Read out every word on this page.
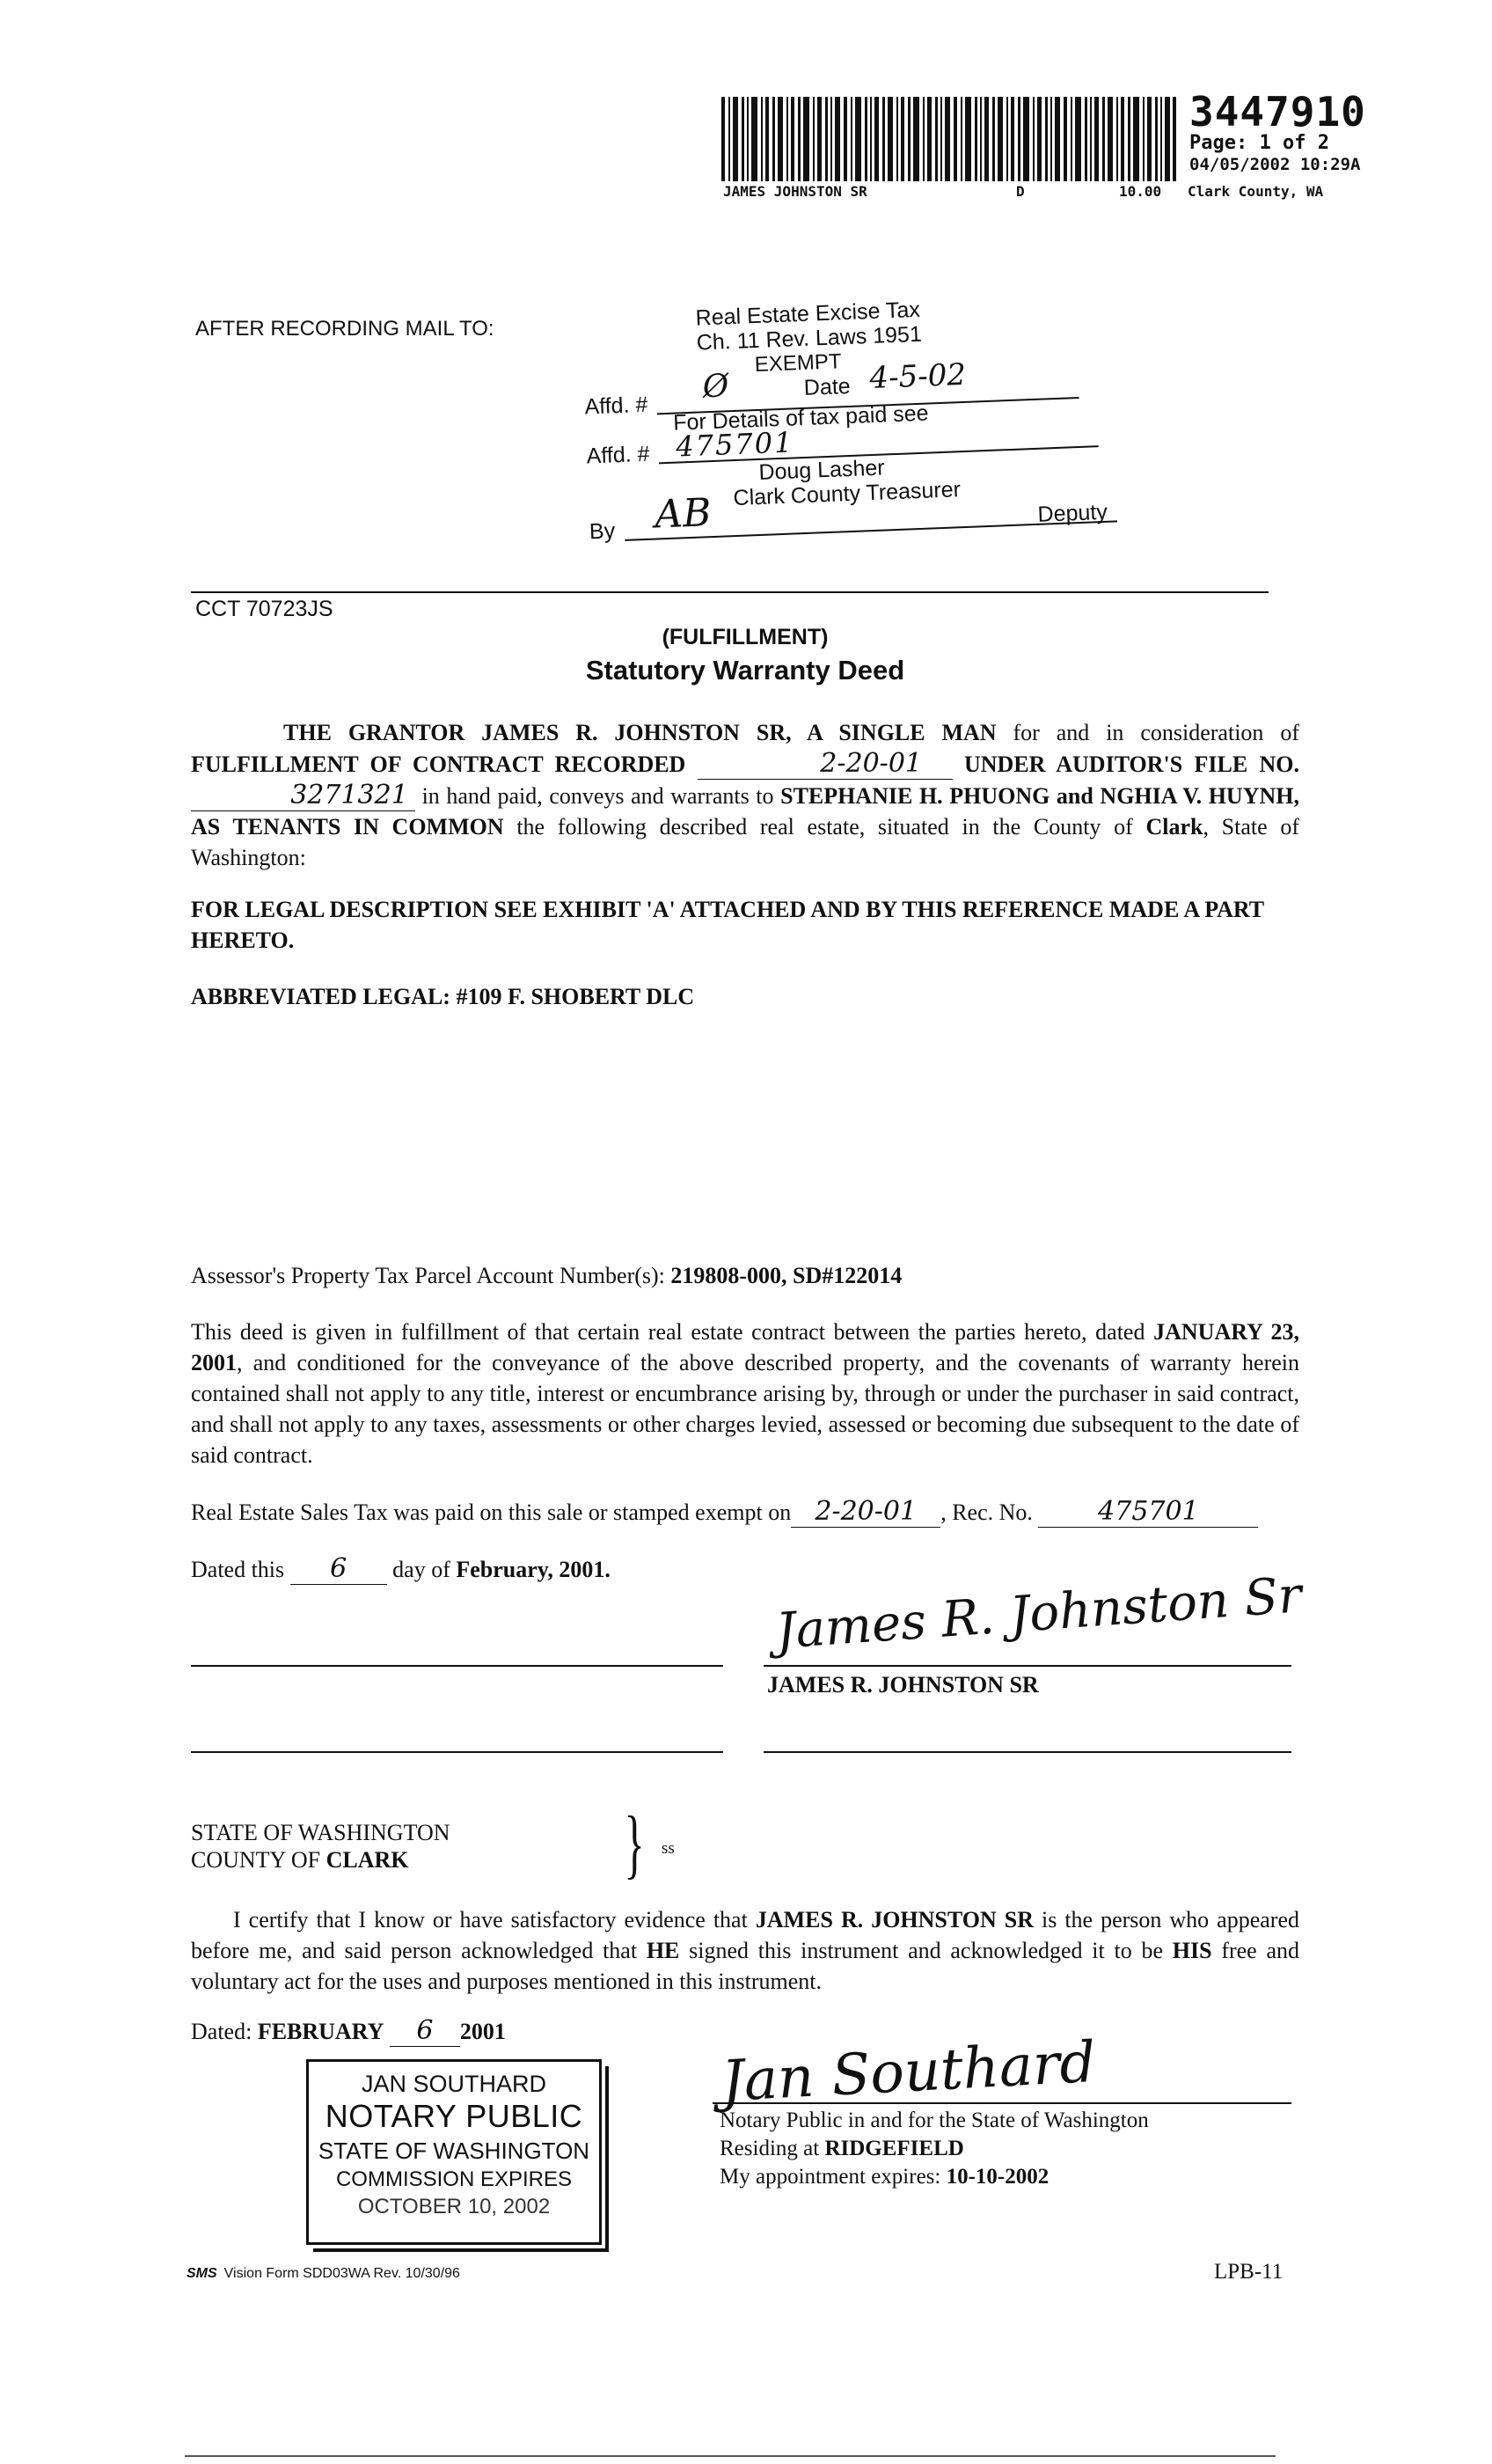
3447910
Page: 1 of 2
04/05/2002 10:29A
JAMES JOHNSTON SR	D	10.00 Clark County, WA
AFTER RECORDING MAIL TO:	Real Estate Excise Tax
Ch. 11 Rev. Laws 1951
EXEMPT
Affd. #
Ø	Date 4-5-02
For Details of tax paid see
Affd. # 475701
Doug Lasher
Clark County Treasurer
By AB	Deputy
CCT 70723JS
(FULFILLMENT)
Statutory Warranty Deed
THE GRANTOR JAMES R. JOHNSTON SR, A SINGLE MAN for and in consideration of FULFILLMENT OF CONTRACT RECORDED	2-20-01 UNDER AUDITOR'S FILE NO. 3271321 in hand paid, conveys and warrants to STEPHANIE H. PHUONG and NGHIA V. HUYNH, AS TENANTS IN COMMON the following described real estate, situated in the County of Clark, State of Washington:
FOR LEGAL DESCRIPTION SEE EXHIBIT 'A' ATTACHED AND BY THIS REFERENCE MADE A PART HERETO.
ABBREVIATED LEGAL: #109 F. SHOBERT DLC
Assessor's Property Tax Parcel Account Number(s): 219808-000, SD#122014
This deed is given in fulfillment of that certain real estate contract between the parties hereto, dated JANUARY 23, 2001, and conditioned for the conveyance of the above described property, and the covenants of warranty herein contained shall not apply to any title, interest or encumbrance arising by, through or under the purchaser in said contract, and shall not apply to any taxes, assessments or other charges levied, assessed or becoming due subsequent to the date of said contract.
Real Estate Sales Tax was paid on this sale or stamped exempt on 2-20-01 , Rec. No. 475701
Dated this 6 day of February, 2001.	James R. Johnston Sr
JAMES R. JOHNSTON SR
STATE OF WASHINGTON
COUNTY OF CLARK	} ss
I certify that I know or have satisfactory evidence that JAMES R. JOHNSTON SR is the person who appeared before me, and said person acknowledged that HE signed this instrument and acknowledged it to be HIS free and voluntary act for the uses and purposes mentioned in this instrument.
Dated: FEBRUARY 6 2001
JAN SOUTHARD
NOTARY PUBLIC
STATE OF WASHINGTON
COMMISSION EXPIRES
OCTOBER 10, 2002
Jan Southard
Notary Public in and for the State of Washington
Residing at RIDGEFIELD
My appointment expires: 10-10-2002
SMS Vision Form SDD03WA Rev. 10/30/96	LPB-11
